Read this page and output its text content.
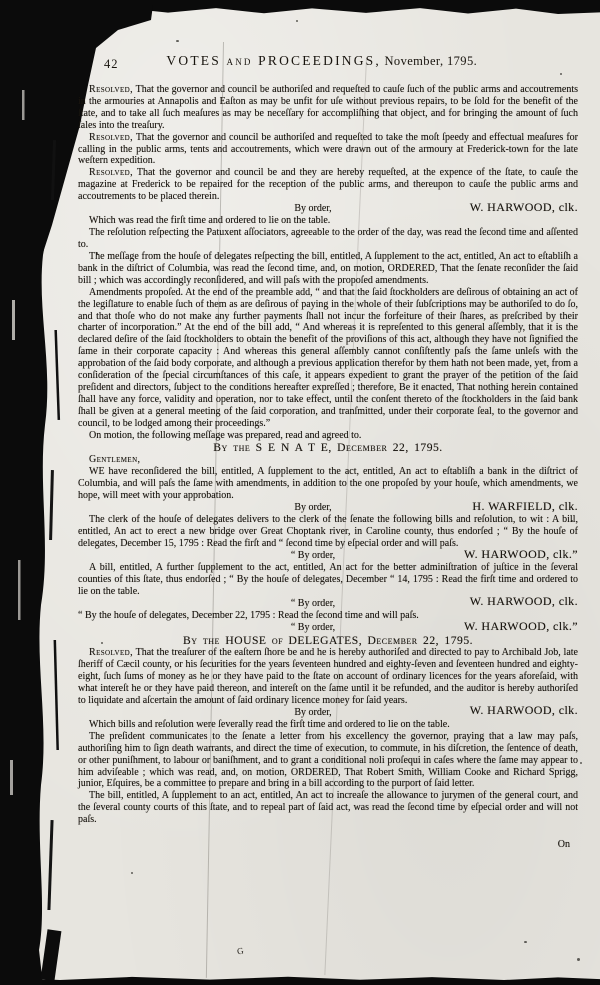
G
42	VOTES and PROCEEDINGS, November, 1795.

Resolved, That the governor and council be authoriſed and requeſted to cauſe ſuch of the public arms and accoutrements in the armouries at Annapolis and Eaſton as may be unfit for uſe without previous repairs, to be ſold for the benefit of the ſtate, and to take all ſuch meaſures as may be neceſſary for accompliſhing that object, and for bringing the amount of ſuch ſales into the treaſury.

Resolved, That the governor and council be authoriſed and requeſted to take the moſt ſpeedy and effectual meaſures for calling in the public arms, tents and accoutrements, which were drawn out of the armoury at Frederick-town for the late weſtern expedition.

Resolved, That the governor and council be and they are hereby requeſted, at the expence of the ſtate, to cauſe the magazine at Frederick to be repaired for the reception of the public arms, and thereupon to cauſe the public arms and accoutrements to be placed therein.

By order,	W. HARWOOD, clk.

Which was read the firſt time and ordered to lie on the table.

The reſolution reſpecting the Patuxent aſſociators, agreeable to the order of the day, was read the ſecond time and aſſented to.

The meſſage from the houſe of delegates reſpecting the bill, entitled, A ſupplement to the act, entitled, An act to eſtabliſh a bank in the diſtrict of Columbia, was read the ſecond time, and, on motion, ORDERED, That the ſenate reconſider the ſaid bill ; which was accordingly reconſidered, and will paſs with the propoſed amendments.

Amendments propoſed. At the end of the preamble add, “ and that the ſaid ſtockholders are deſirous of obtaining an act of the legiſlature to enable ſuch of them as are deſirous of paying in the whole of their ſubſcriptions may be authoriſed to do ſo, and that thoſe who do not make any further payments ſhall not incur the forfeiture of their ſhares, as preſcribed by their charter of incorporation.” At the end of the bill add, “ And whereas it is repreſented to this general aſſembly, that it is the declared deſire of the ſaid ſtockholders to obtain the benefit of the proviſions of this act, although they have not ſignified the ſame in their corporate capacity : And whereas this general aſſembly cannot conſiſtently paſs the ſame unleſs with the approbation of the ſaid body corporate, and although a previous application therefor by them hath not been made, yet, from a conſideration of the ſpecial circumſtances of this caſe, it appears expedient to grant the prayer of the petition of the ſaid preſident and directors, ſubject to the conditions hereafter expreſſed ; therefore, Be it enacted, That nothing herein contained ſhall have any force, validity and operation, nor to take effect, until the conſent thereto of the ſtockholders in the ſaid bank ſhall be given at a general meeting of the ſaid corporation, and tranſmitted, under their corporate ſeal, to the governor and council, to be lodged among their proceedings.”

On motion, the following meſſage was prepared, read and agreed to.

By the S E N A T E, December 22, 1795.

Gentlemen,

WE have reconſidered the bill, entitled, A ſupplement to the act, entitled, An act to eſtabliſh a bank in the diſtrict of Columbia, and will paſs the ſame with amendments, in addition to the one propoſed by your houſe, which amendments, we hope, will meet with your approbation.

By order,	H. WARFIELD, clk.

The clerk of the houſe of delegates delivers to the clerk of the ſenate the following bills and reſolution, to wit : A bill, entitled, An act to erect a new bridge over Great Choptank river, in Caroline county, thus endorſed ; “ By the houſe of delegates, December 15, 1795 : Read the firſt and “ ſecond time by eſpecial order and will paſs.

“ By order,	W. HARWOOD, clk.”

A bill, entitled, A further ſupplement to the act, entitled, An act for the better adminiſtration of juſtice in the ſeveral counties of this ſtate, thus endorſed ; “ By the houſe of delegates, December “ 14, 1795 : Read the firſt time and ordered to lie on the table.

“ By order,	W. HARWOOD, clk.

“ By the houſe of delegates, December 22, 1795 : Read the ſecond time and will paſs.

“ By order,	W. HARWOOD, clk.”
By the HOUSE of DELEGATES, December 22, 1795.

Resolved, That the treaſurer of the eaſtern ſhore be and he is hereby authoriſed and directed to pay to Archibald Job, late ſheriff of Cæcil county, or his ſecurities for the years ſeventeen hundred and eighty-ſeven and ſeventeen hundred and eighty-eight, ſuch ſums of money as he or they have paid to the ſtate on account of ordinary licences for the years aforeſaid, with what intereſt he or they have paid thereon, and intereſt on the ſame until it be refunded, and the auditor is hereby authoriſed to liquidate and aſcertain the amount of ſaid ordinary licence money for ſaid years.

By order,	W. HARWOOD, clk.

Which bills and reſolution were ſeverally read the firſt time and ordered to lie on the table.

The preſident communicates to the ſenate a letter from his excellency the governor, praying that a law may paſs, authoriſing him to ſign death warrants, and direct the time of execution, to commute, in his diſcretion, the ſentence of death, or other puniſhment, to labour or baniſhment, and to grant a conditional noli proſequi in caſes where the ſame may appear to him adviſeable ; which was read, and, on motion, ORDERED, That Robert Smith, William Cooke and Richard Sprigg, junior, Eſquires, be a committee to prepare and bring in a bill according to the purport of ſaid letter.

The bill, entitled, A ſupplement to an act, entitled, An act to increaſe the allowance to jurymen of the general court, and the ſeveral county courts of this ſtate, and to repeal part of ſaid act, was read the ſecond time by eſpecial order and will not paſs.

On
